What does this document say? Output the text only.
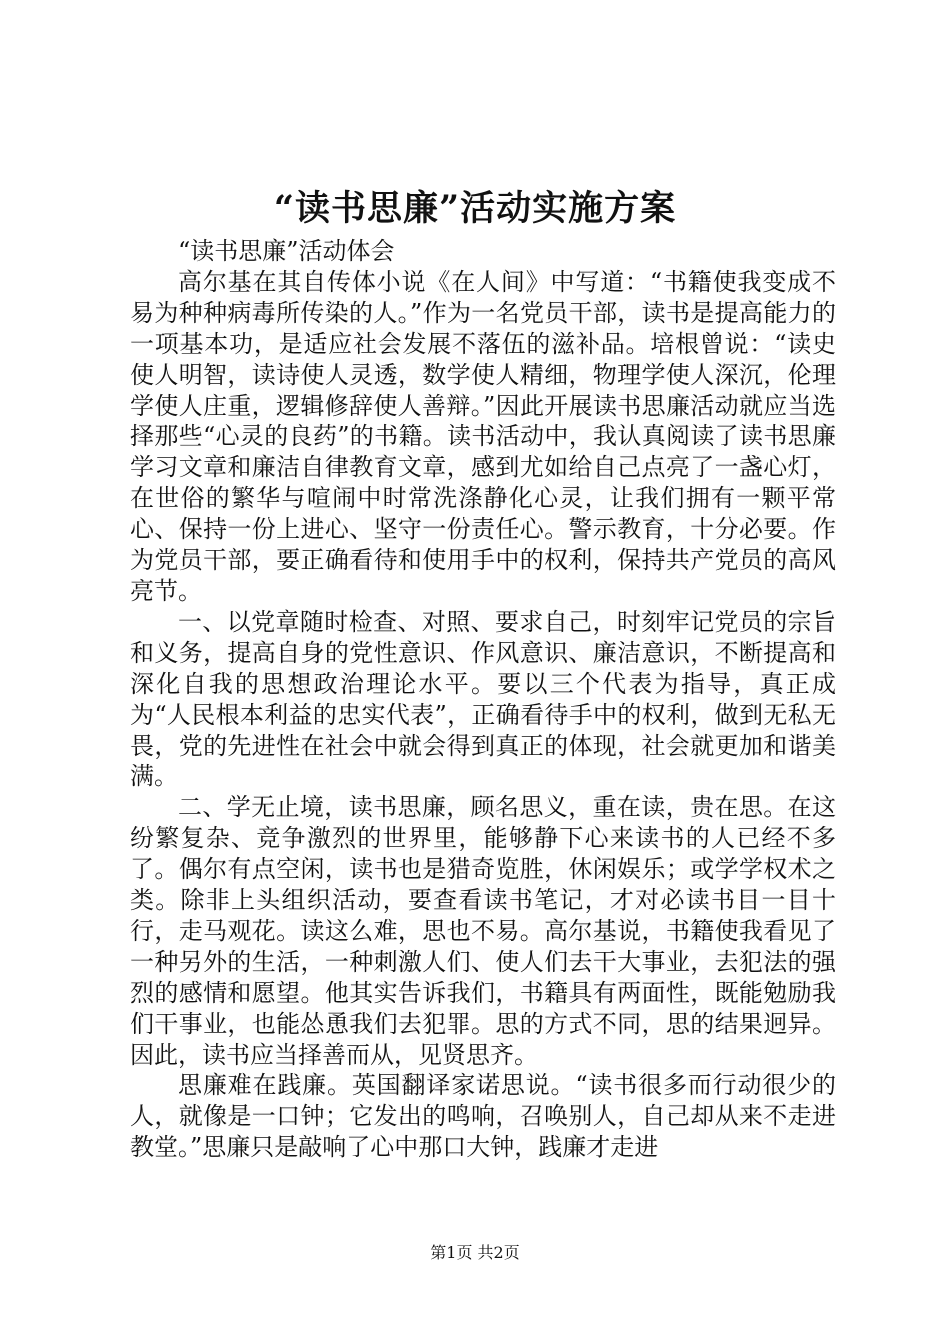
“读书思廉”活动实施方案

“读书思廉”活动体会

高尔基在其自传体小说《在人间》中写道：“书籍使我变成不易为种种病毒所传染的人。”作为一名党员干部，读书是提高能力的一项基本功，是适应社会发展不落伍的滋补品。培根曾说：“读史使人明智，读诗使人灵透，数学使人精细，物理学使人深沉，伦理学使人庄重，逻辑修辞使人善辩。”因此开展读书思廉活动就应当选择那些“心灵的良药”的书籍。读书活动中，我认真阅读了读书思廉学习文章和廉洁自律教育文章，感到尤如给自己点亮了一盏心灯，在世俗的繁华与喧闹中时常洗涤静化心灵，让我们拥有一颗平常心、保持一份上进心、坚守一份责任心。警示教育，十分必要。作为党员干部，要正确看待和使用手中的权利，保持共产党员的高风亮节。

一、以党章随时检查、对照、要求自己，时刻牢记党员的宗旨和义务，提高自身的党性意识、作风意识、廉洁意识，不断提高和深化自我的思想政治理论水平。要以三个代表为指导，真正成为“人民根本利益的忠实代表”，正确看待手中的权利，做到无私无畏，党的先进性在社会中就会得到真正的体现，社会就更加和谐美满。

二、学无止境，读书思廉，顾名思义，重在读，贵在思。在这纷繁复杂、竞争激烈的世界里，能够静下心来读书的人已经不多了。偶尔有点空闲，读书也是猎奇览胜，休闲娱乐；或学学权术之类。除非上头组织活动，要查看读书笔记，才对必读书目一目十行，走马观花。读这么难，思也不易。高尔基说，书籍使我看见了一种另外的生活，一种刺激人们、使人们去干大事业，去犯法的强烈的感情和愿望。他其实告诉我们，书籍具有两面性，既能勉励我们干事业，也能怂恿我们去犯罪。思的方式不同，思的结果迥异。因此，读书应当择善而从，见贤思齐。

思廉难在践廉。英国翻译家诺思说。“读书很多而行动很少的人，就像是一口钟；它发出的鸣响，召唤别人，自己却从来不走进教堂。”思廉只是敲响了心中那口大钟，践廉才走进

第1页 共2页
